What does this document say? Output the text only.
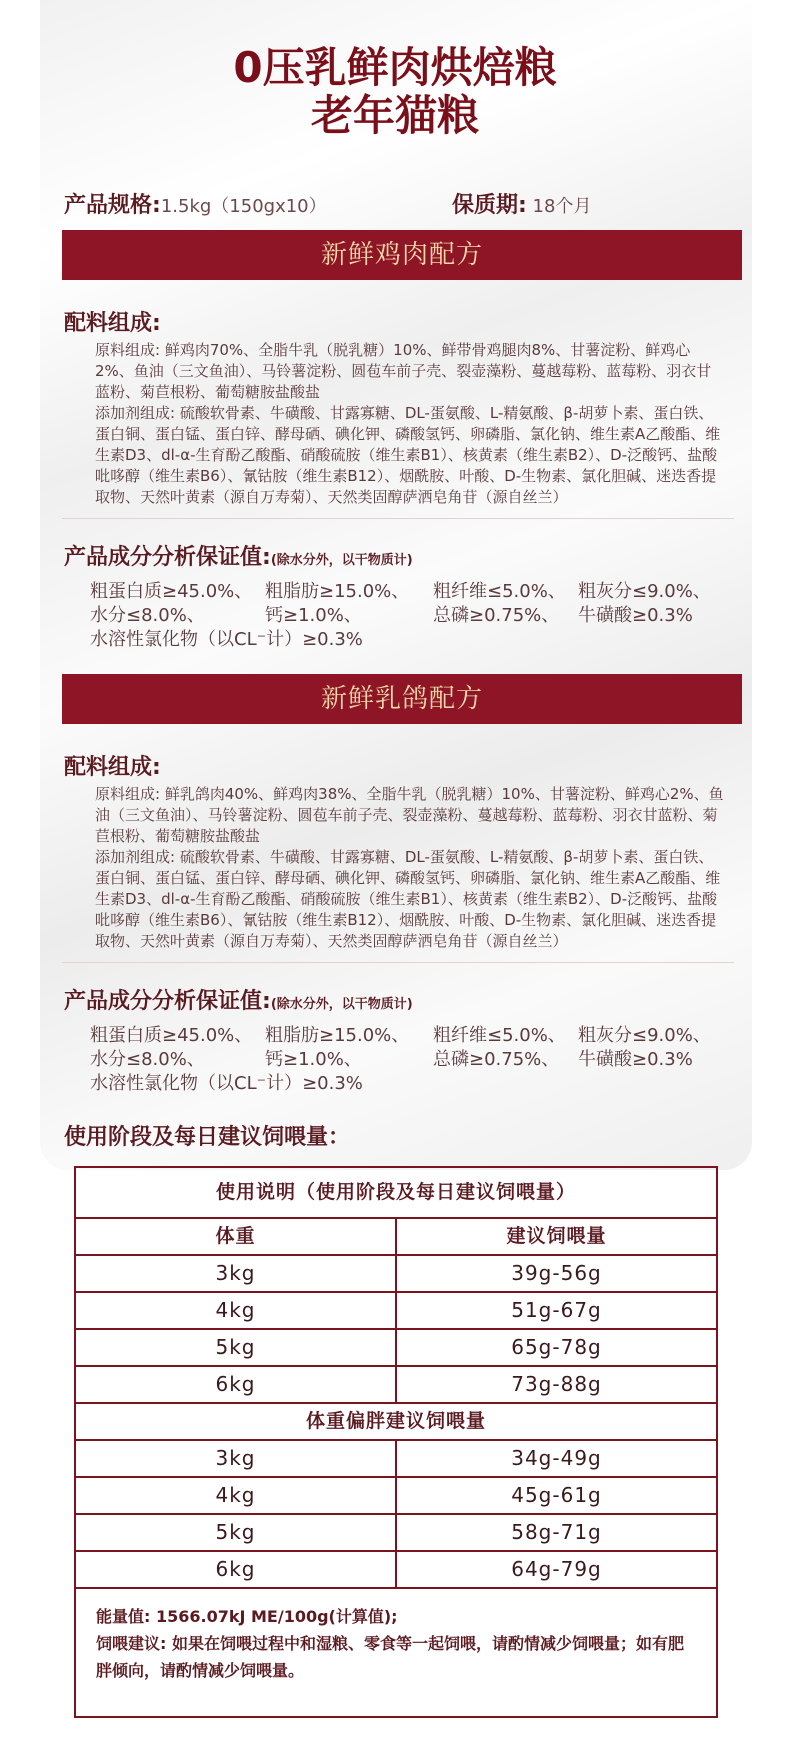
0压乳鲜肉烘焙粮
老年猫粮
产品规格:1.5kg（150gx10）	保质期: 18个月
新鲜鸡肉配方
配料组成:

原料组成: 鲜鸡肉70%、全脂牛乳（脱乳糖）10%、鲜带骨鸡腿肉8%、甘薯淀粉、鲜鸡心2%、鱼油（三文鱼油）、马铃薯淀粉、圆苞车前子壳、裂壶藻粉、蔓越莓粉、蓝莓粉、羽衣甘蓝粉、菊苣根粉、葡萄糖胺盐酸盐

添加剂组成: 硫酸软骨素、牛磺酸、甘露寡糖、DL-蛋氨酸、L-精氨酸、β-胡萝卜素、蛋白铁、蛋白铜、蛋白锰、蛋白锌、酵母硒、碘化钾、磷酸氢钙、卵磷脂、氯化钠、维生素A乙酸酯、维生素D3、dl-α-生育酚乙酸酯、硝酸硫胺（维生素B1）、核黄素（维生素B2）、D-泛酸钙、盐酸吡哆醇（维生素B6）、氰钴胺（维生素B12）、烟酰胺、叶酸、D-生物素、氯化胆碱、迷迭香提取物、天然叶黄素（源自万寿菊）、天然类固醇萨洒皂角苷（源自丝兰）

产品成分分析保证值:(除水分外，以干物质计)
粗蛋白质≥45.0%、 粗脂肪≥15.0%、	粗纤维≤5.0%、 粗灰分≤9.0%、
水分≤8.0%、	钙≥1.0%、	总磷≥0.75%、	牛磺酸≥0.3%
水溶性氯化物（以CL⁻计）≥0.3%
新鲜乳鸽配方
配料组成:

原料组成: 鲜乳鸽肉40%、鲜鸡肉38%、全脂牛乳（脱乳糖）10%、甘薯淀粉、鲜鸡心2%、鱼油（三文鱼油）、马铃薯淀粉、圆苞车前子壳、裂壶藻粉、蔓越莓粉、蓝莓粉、羽衣甘蓝粉、菊苣根粉、葡萄糖胺盐酸盐

添加剂组成: 硫酸软骨素、牛磺酸、甘露寡糖、DL-蛋氨酸、L-精氨酸、β-胡萝卜素、蛋白铁、蛋白铜、蛋白锰、蛋白锌、酵母硒、碘化钾、磷酸氢钙、卵磷脂、氯化钠、维生素A乙酸酯、维生素D3、dl-α-生育酚乙酸酯、硝酸硫胺（维生素B1）、核黄素（维生素B2）、D-泛酸钙、盐酸吡哆醇（维生素B6）、氰钴胺（维生素B12）、烟酰胺、叶酸、D-生物素、氯化胆碱、迷迭香提取物、天然叶黄素（源自万寿菊）、天然类固醇萨洒皂角苷（源自丝兰）

产品成分分析保证值:(除水分外，以干物质计)
粗蛋白质≥45.0%、 粗脂肪≥15.0%、	粗纤维≤5.0%、 粗灰分≤9.0%、
水分≤8.0%、	钙≥1.0%、	总磷≥0.75%、	牛磺酸≥0.3%
水溶性氯化物（以CL⁻计）≥0.3%
使用阶段及每日建议饲喂量：
使用说明（使用阶段及每日建议饲喂量）
体重	建议饲喂量
3kg	39g-56g
4kg	51g-67g
5kg	65g-78g
6kg	73g-88g
体重偏胖建议饲喂量
3kg	34g-49g
4kg	45g-61g
5kg	58g-71g
6kg	64g-79g

能量值: 1566.07kJ ME/100g(计算值);

饲喂建议: 如果在饲喂过程中和湿粮、零食等一起饲喂，请酌情减少饲喂量；如有肥胖倾向，请酌情减少饲喂量。
